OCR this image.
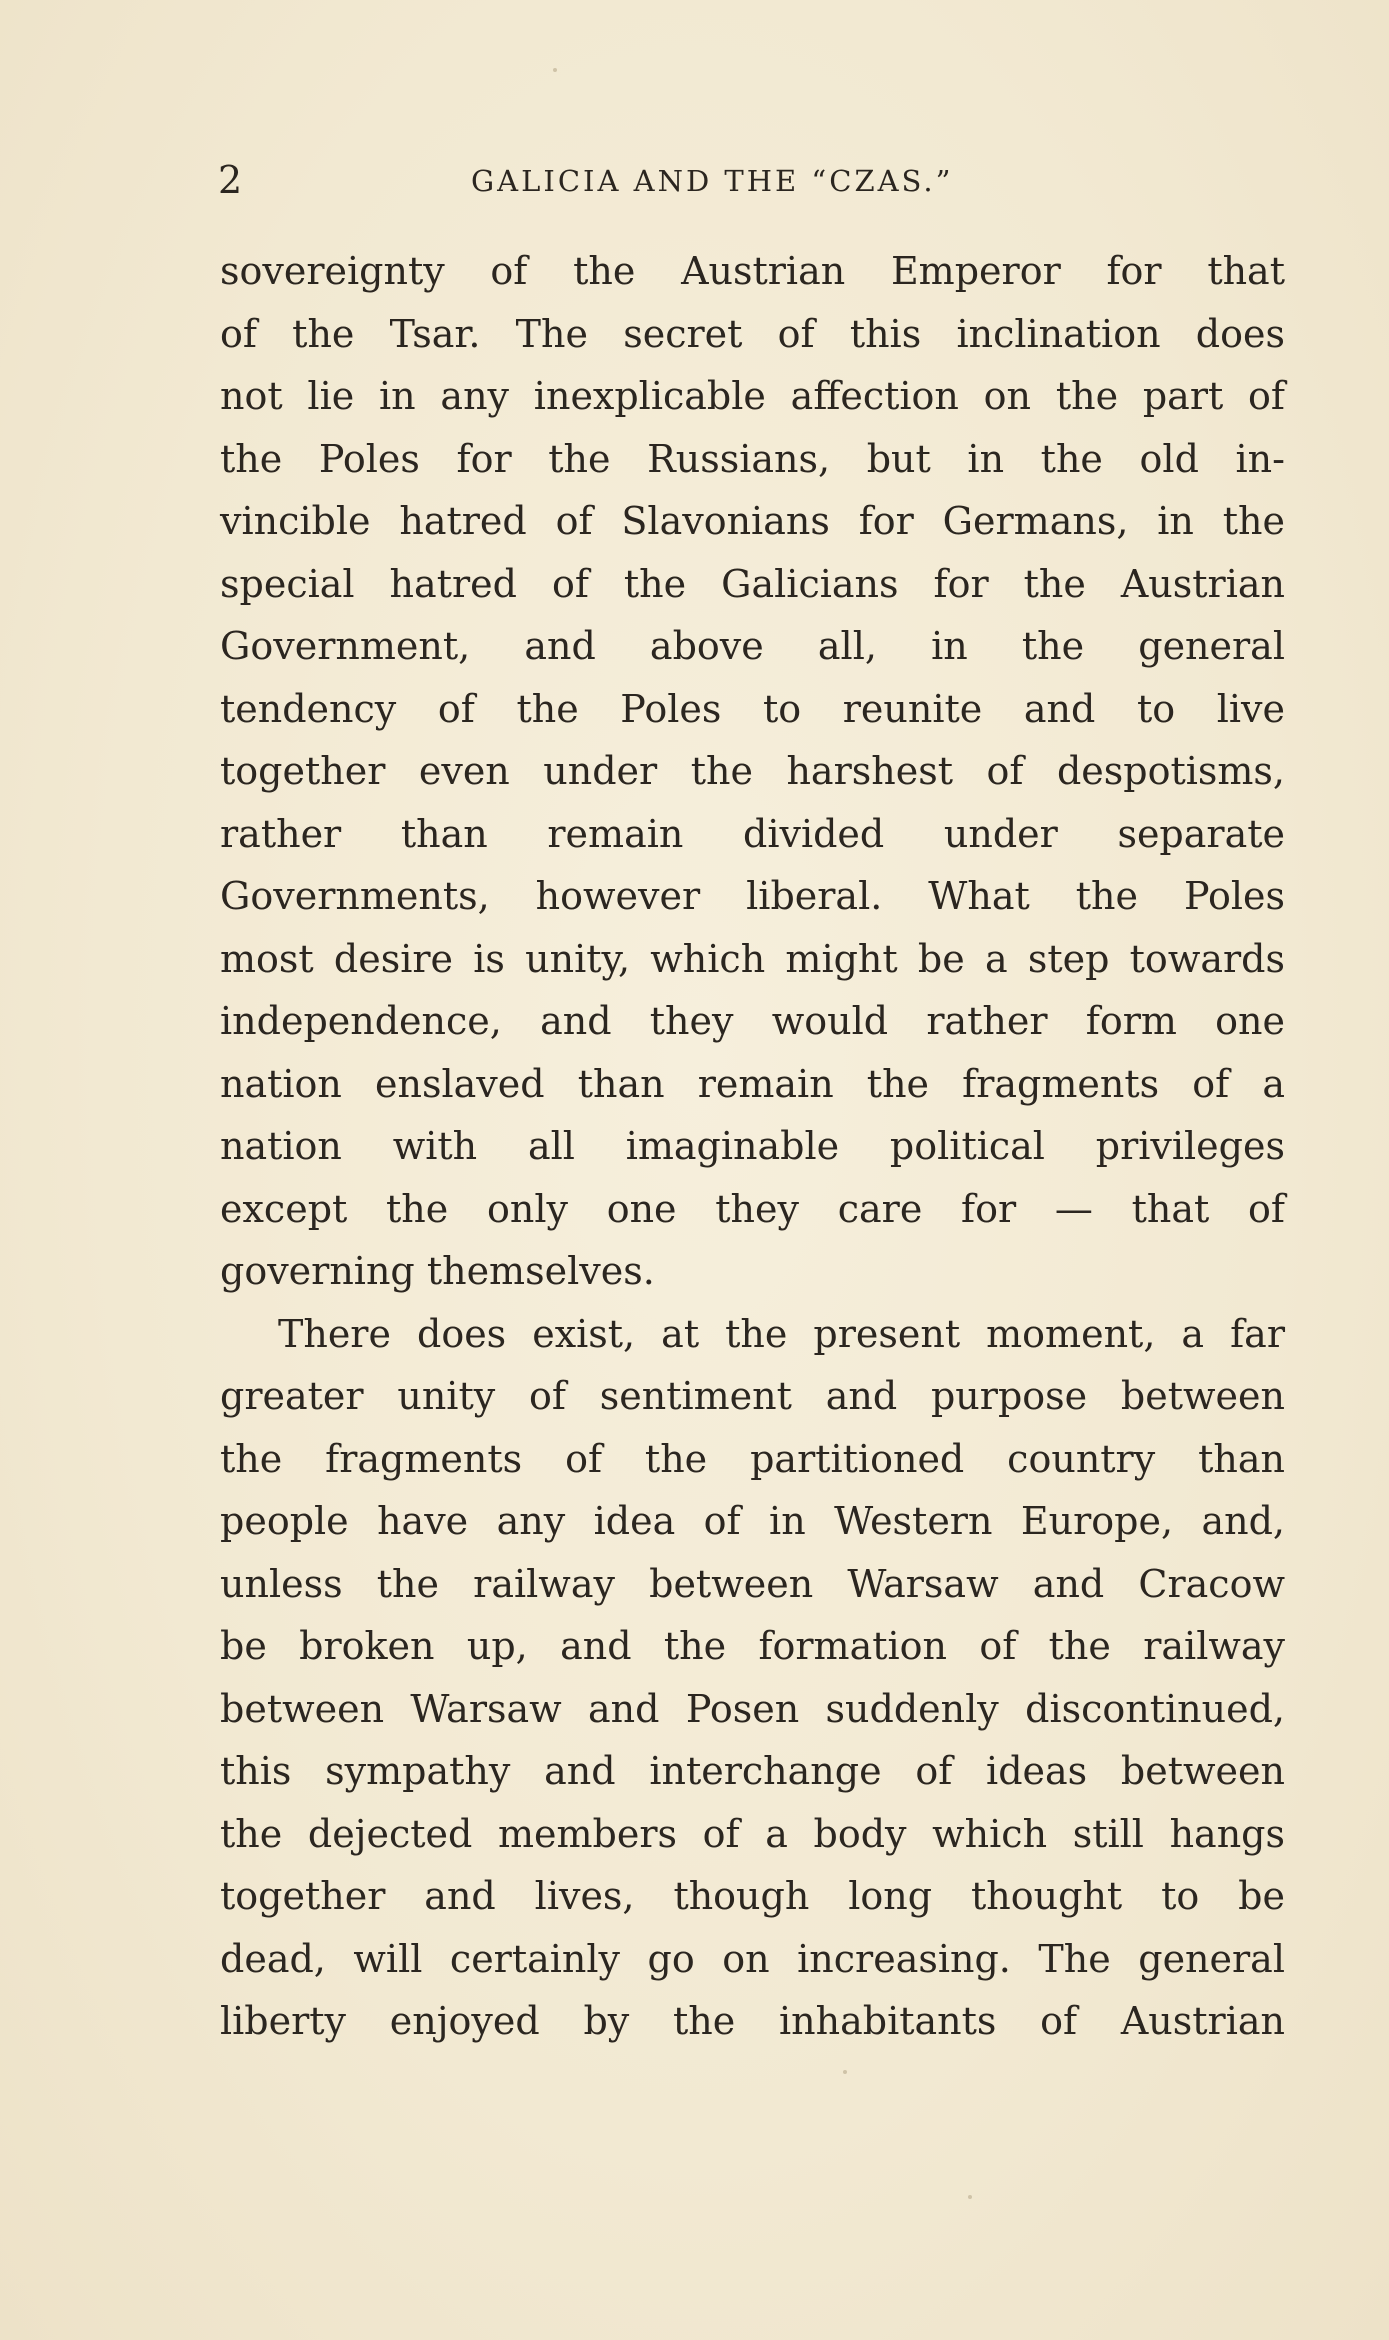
2	GALICIA AND THE “CZAS.”
sovereignty of the Austrian Emperor for that
of the Tsar. The secret of this inclination does
not lie in any inexplicable affection on the part of
the Poles for the Russians, but in the old in-
vincible hatred of Slavonians for Germans, in the
special hatred of the Galicians for the Austrian
Government, and above all, in the general
tendency of the Poles to reunite and to live
together even under the harshest of despotisms,
rather than remain divided under separate
Governments, however liberal. What the Poles
most desire is unity, which might be a step towards
independence, and they would rather form one
nation enslaved than remain the fragments of a
nation with all imaginable political privileges
except the only one they care for — that of
governing themselves.
There does exist, at the present moment, a far
greater unity of sentiment and purpose between
the fragments of the partitioned country than
people have any idea of in Western Europe, and,
unless the railway between Warsaw and Cracow
be broken up, and the formation of the railway
between Warsaw and Posen suddenly discontinued,
this sympathy and interchange of ideas between
the dejected members of a body which still hangs
together and lives, though long thought to be
dead, will certainly go on increasing. The general
liberty enjoyed by the inhabitants of Austrian
